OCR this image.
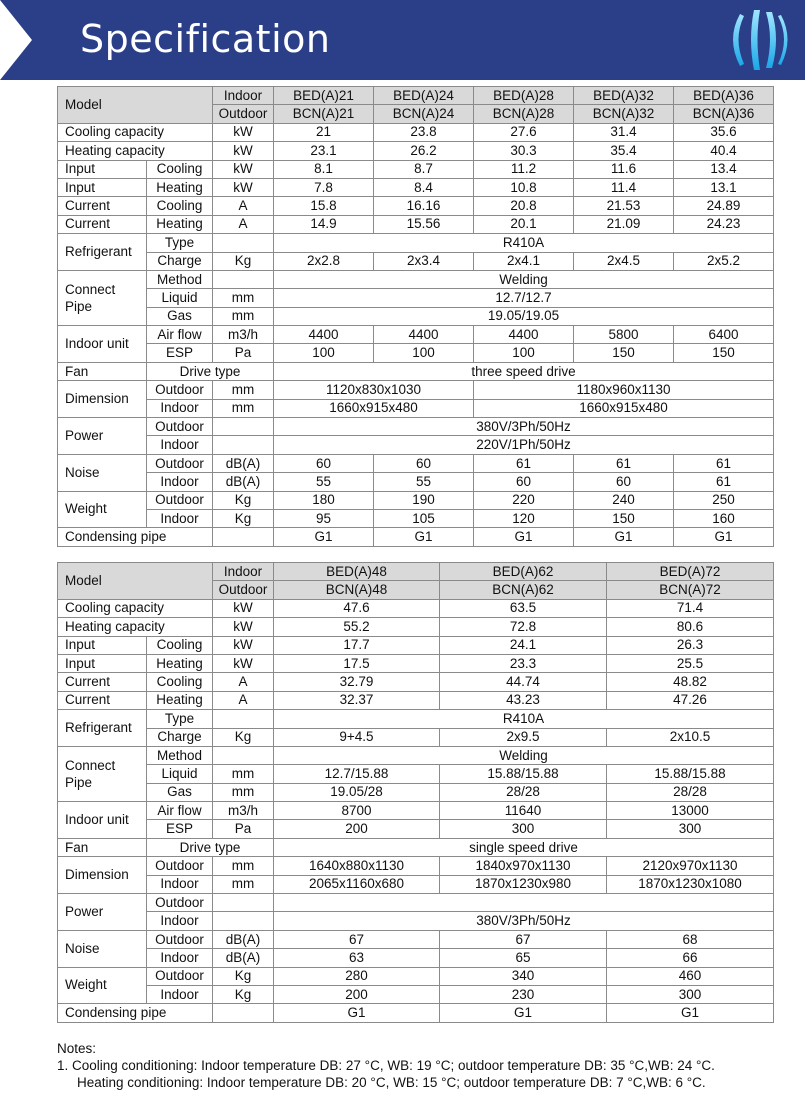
Specification
Model		Indoor	BED(A)21	BED(A)24	BED(A)28	BED(A)32	BED(A)36
		Outdoor	BCN(A)21	BCN(A)24	BCN(A)28	BCN(A)32	BCN(A)36
Cooling capacity		kW	21	23.8	27.6	31.4	35.6
Heating capacity		kW	23.1	26.2	30.3	35.4	40.4
Input	Cooling	kW	8.1	8.7	11.2	11.6	13.4
Input	Heating	kW	7.8	8.4	10.8	11.4	13.1
Current	Cooling	A	15.8	16.16	20.8	21.53	24.89
Current	Heating	A	14.9	15.56	20.1	21.09	24.23
Refrigerant	Type		R410A				
	Charge	Kg	2x2.8	2x3.4	2x4.1	2x4.5	2x5.2
Connect Pipe	Method		Welding				
	Liquid	mm	12.7/12.7				
	Gas	mm	19.05/19.05				
Indoor unit	Air flow	m3/h	4400	4400	4400	5800	6400
	ESP	Pa	100	100	100	150	150
Fan	Drive type		three speed drive				
Dimension	Outdoor	mm	1120x830x1030		1180x960x1130		
	Indoor	mm	1660x915x480		1660x915x480		
Power	Outdoor		380V/3Ph/50Hz				
	Indoor		220V/1Ph/50Hz				
Noise	Outdoor	dB(A)	60	60	61	61	61
	Indoor	dB(A)	55	55	60	60	61
Weight	Outdoor	Kg	180	190	220	240	250
	Indoor	Kg	95	105	120	150	160
Condensing pipe			G1	G1	G1	G1	G1
Model		Indoor	BED(A)48	BED(A)62	BED(A)72
		Outdoor	BCN(A)48	BCN(A)62	BCN(A)72
Cooling capacity		kW	47.6	63.5	71.4
Heating capacity		kW	55.2	72.8	80.6
Input	Cooling	kW	17.7	24.1	26.3
Input	Heating	kW	17.5	23.3	25.5
Current	Cooling	A	32.79	44.74	48.82
Current	Heating	A	32.37	43.23	47.26
Refrigerant	Type		R410A		
	Charge	Kg	9+4.5	2x9.5	2x10.5
Connect Pipe	Method		Welding		
	Liquid	mm	12.7/15.88	15.88/15.88	15.88/15.88
	Gas	mm	19.05/28	28/28	28/28
Indoor unit	Air flow	m3/h	8700	11640	13000
	ESP	Pa	200	300	300
Fan	Drive type		single speed drive		
Dimension	Outdoor	mm	1640x880x1130	1840x970x1130	2120x970x1130
	Indoor	mm	2065x1160x680	1870x1230x980	1870x1230x1080
Power	Outdoor				
	Indoor		380V/3Ph/50Hz		
Noise	Outdoor	dB(A)	67	67	68
	Indoor	dB(A)	63	65	66
Weight	Outdoor	Kg	280	340	460
	Indoor	Kg	200	230	300
Condensing pipe			G1	G1	G1
Notes:
1. Cooling conditioning: Indoor temperature DB: 27 °C, WB: 19 °C; outdoor temperature DB: 35 °C,WB: 24 °C.
Heating conditioning: Indoor temperature DB: 20 °C, WB: 15 °C; outdoor temperature DB: 7 °C,WB: 6 °C.
